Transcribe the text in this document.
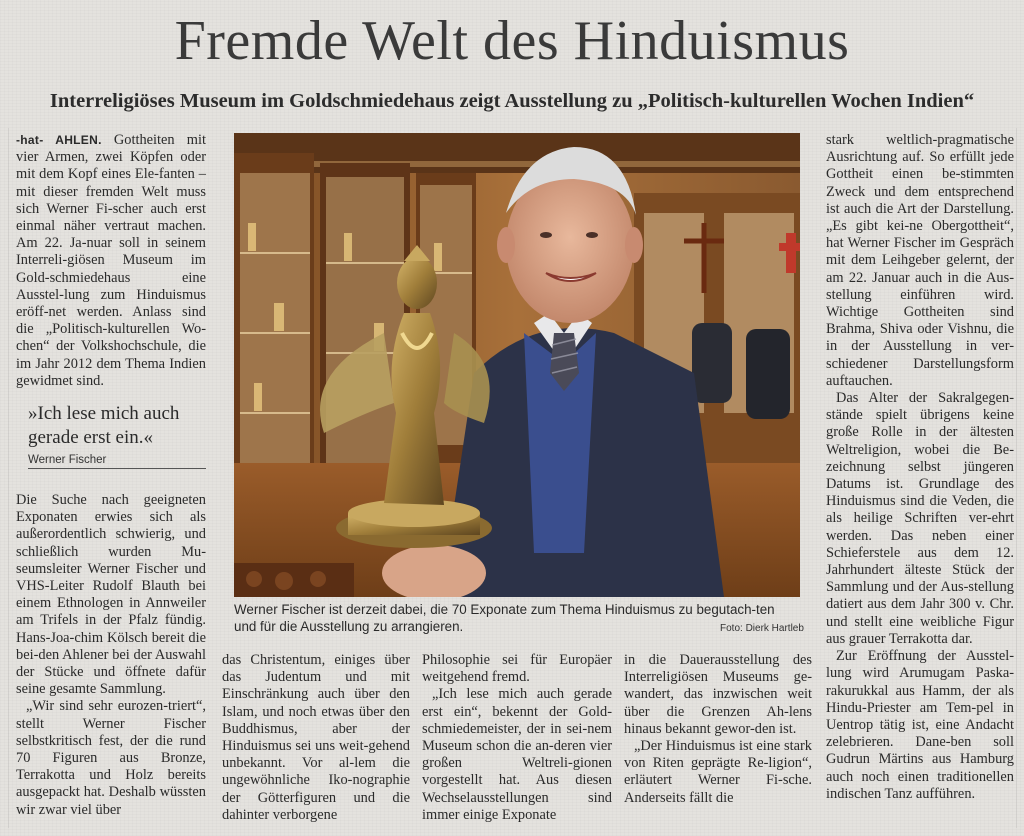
Fremde Welt des Hinduismus
Interreligiöses Museum im Goldschmiedehaus zeigt Ausstellung zu „Politisch-kulturellen Wochen Indien“

-hat- AHLEN. Gottheiten mit vier Armen, zwei Köpfen oder mit dem Kopf eines Ele-fanten – mit dieser fremden Welt muss sich Werner Fi-scher auch erst einmal näher vertraut machen. Am 22. Ja-nuar soll in seinem Interreli-giösen Museum im Gold-schmiedehaus eine Ausstel-lung zum Hinduismus eröff-net werden. Anlass sind die „Politisch-kulturellen Wo-chen“ der Volkshochschule, die im Jahr 2012 dem Thema Indien gewidmet sind.

»Ich lese mich auch gerade erst ein.«
Werner Fischer

Die Suche nach geeigneten Exponaten erwies sich als außerordentlich schwierig, und schließlich wurden Mu-seumsleiter Werner Fischer und VHS-Leiter Rudolf Blauth bei einem Ethnologen in Annweiler am Trifels in der Pfalz fündig. Hans-Joa-chim Kölsch bereit die bei-den Ahlener bei der Auswahl der Stücke und öffnete dafür seine gesamte Sammlung.

„Wir sind sehr eurozen-triert“, stellt Werner Fischer selbstkritisch fest, der die rund 70 Figuren aus Bronze, Terrakotta und Holz bereits ausgepackt hat. Deshalb wüssten wir zwar viel über

Werner Fischer ist derzeit dabei, die 70 Exponate zum Thema Hinduismus zu begutach-ten und für die Ausstellung zu arrangieren.	Foto: Dierk Hartleb

das Christentum, einiges über das Judentum und mit Einschränkung auch über den Islam, und noch etwas über den Buddhismus, aber der Hinduismus sei uns weit-gehend unbekannt. Vor al-lem die ungewöhnliche Iko-nographie der Götterfiguren und die dahinter verborgene

Philosophie sei für Europäer weitgehend fremd.

„Ich lese mich auch gerade erst ein“, bekennt der Gold-schmiedemeister, der in sei-nem Museum schon die an-deren vier großen Weltreli-gionen vorgestellt hat. Aus diesen Wechselausstellungen sind immer einige Exponate

in die Dauerausstellung des Interreligiösen Museums ge-wandert, das inzwischen weit über die Grenzen Ah-lens hinaus bekannt gewor-den ist.

„Der Hinduismus ist eine stark von Riten geprägte Re-ligion“, erläutert Werner Fi-sche. Anderseits fällt die

stark weltlich-pragmatische Ausrichtung auf. So erfüllt jede Gottheit einen be-stimmten Zweck und dem entsprechend ist auch die Art der Darstellung. „Es gibt kei-ne Obergottheit“, hat Werner Fischer im Gespräch mit dem Leihgeber gelernt, der am 22. Januar auch in die Aus-stellung einführen wird. Wichtige Gottheiten sind Brahma, Shiva oder Vishnu, die in der Ausstellung in ver-schiedener Darstellungsform auftauchen.

Das Alter der Sakralgegen-stände spielt übrigens keine große Rolle in der ältesten Weltreligion, wobei die Be-zeichnung selbst jüngeren Datums ist. Grundlage des Hinduismus sind die Veden, die als heilige Schriften ver-ehrt werden. Das neben einer Schieferstele aus dem 12. Jahrhundert älteste Stück der Sammlung und der Aus-stellung datiert aus dem Jahr 300 v. Chr. und stellt eine weibliche Figur aus grauer Terrakotta dar.

Zur Eröffnung der Ausstel-lung wird Arumugam Paska-rakurukkal aus Hamm, der als Hindu-Priester am Tem-pel in Uentrop tätig ist, eine Andacht zelebrieren. Dane-ben soll Gudrun Märtins aus Hamburg auch noch einen traditionellen indischen Tanz aufführen.
